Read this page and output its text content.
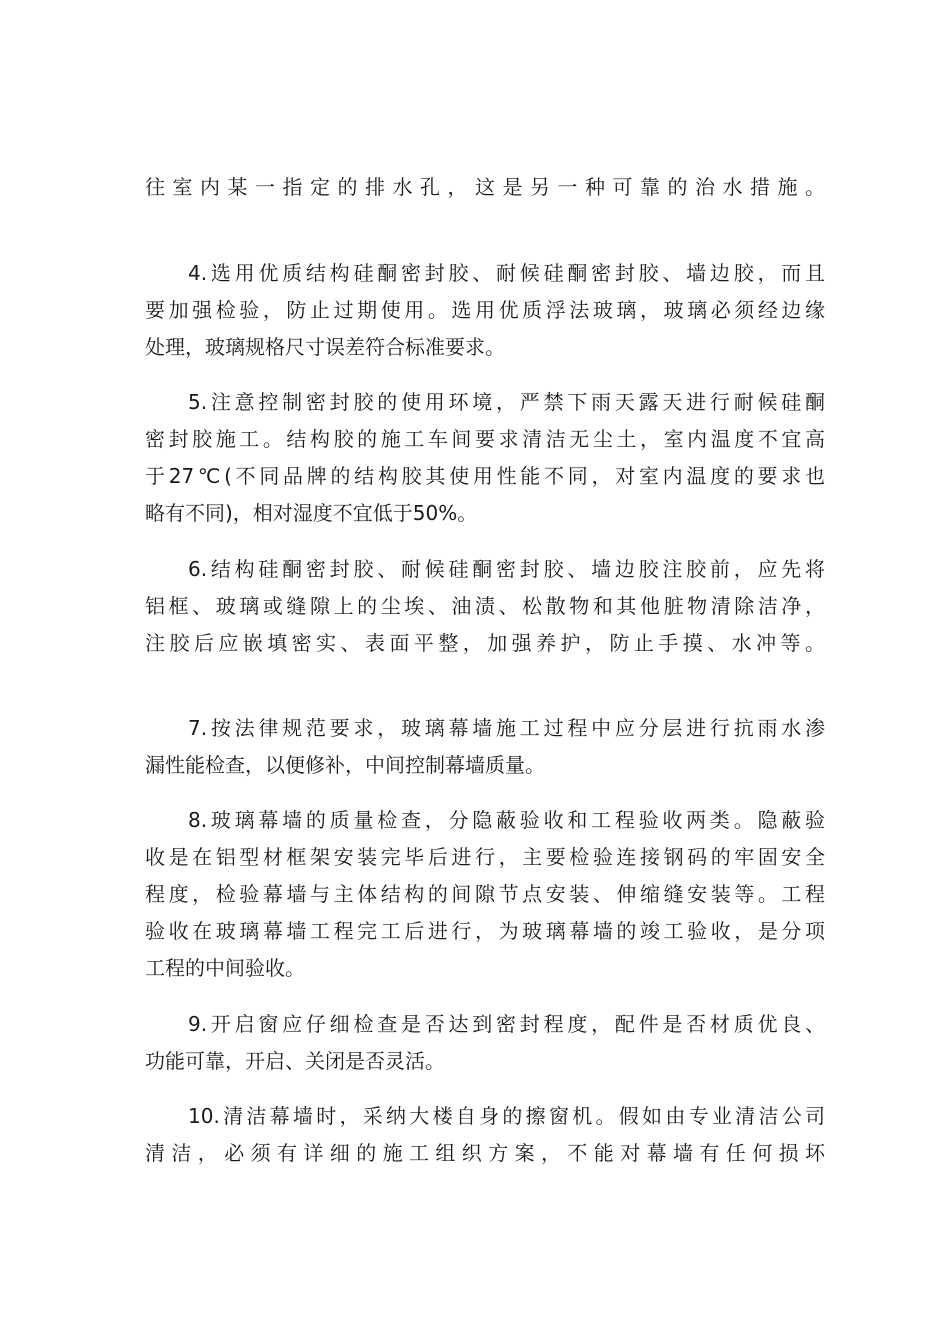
往室内某一指定的排水孔，这是另一种可靠的治水措施。
4.选用优质结构硅酮密封胶、耐候硅酮密封胶、墙边胶，而且
要加强检验，防止过期使用。选用优质浮法玻璃，玻璃必须经边缘
处理，玻璃规格尺寸误差符合标准要求。
5.注意控制密封胶的使用环境，严禁下雨天露天进行耐候硅酮
密封胶施工。结构胶的施工车间要求清洁无尘土，室内温度不宜高
于27℃(不同品牌的结构胶其使用性能不同，对室内温度的要求也
略有不同)，相对湿度不宜低于50%。
6.结构硅酮密封胶、耐候硅酮密封胶、墙边胶注胶前，应先将
铝框、玻璃或缝隙上的尘埃、油渍、松散物和其他脏物清除洁净，
注胶后应嵌填密实、表面平整，加强养护，防止手摸、水冲等。
7.按法律规范要求，玻璃幕墙施工过程中应分层进行抗雨水渗
漏性能检查，以便修补，中间控制幕墙质量。
8.玻璃幕墙的质量检查，分隐蔽验收和工程验收两类。隐蔽验
收是在铝型材框架安装完毕后进行，主要检验连接钢码的牢固安全
程度，检验幕墙与主体结构的间隙节点安装、伸缩缝安装等。工程
验收在玻璃幕墙工程完工后进行，为玻璃幕墙的竣工验收，是分项
工程的中间验收。
9.开启窗应仔细检查是否达到密封程度，配件是否材质优良、
功能可靠，开启、关闭是否灵活。
10.清洁幕墙时，采纳大楼自身的擦窗机。假如由专业清洁公司
清洁，必须有详细的施工组织方案，不能对幕墙有任何损坏
